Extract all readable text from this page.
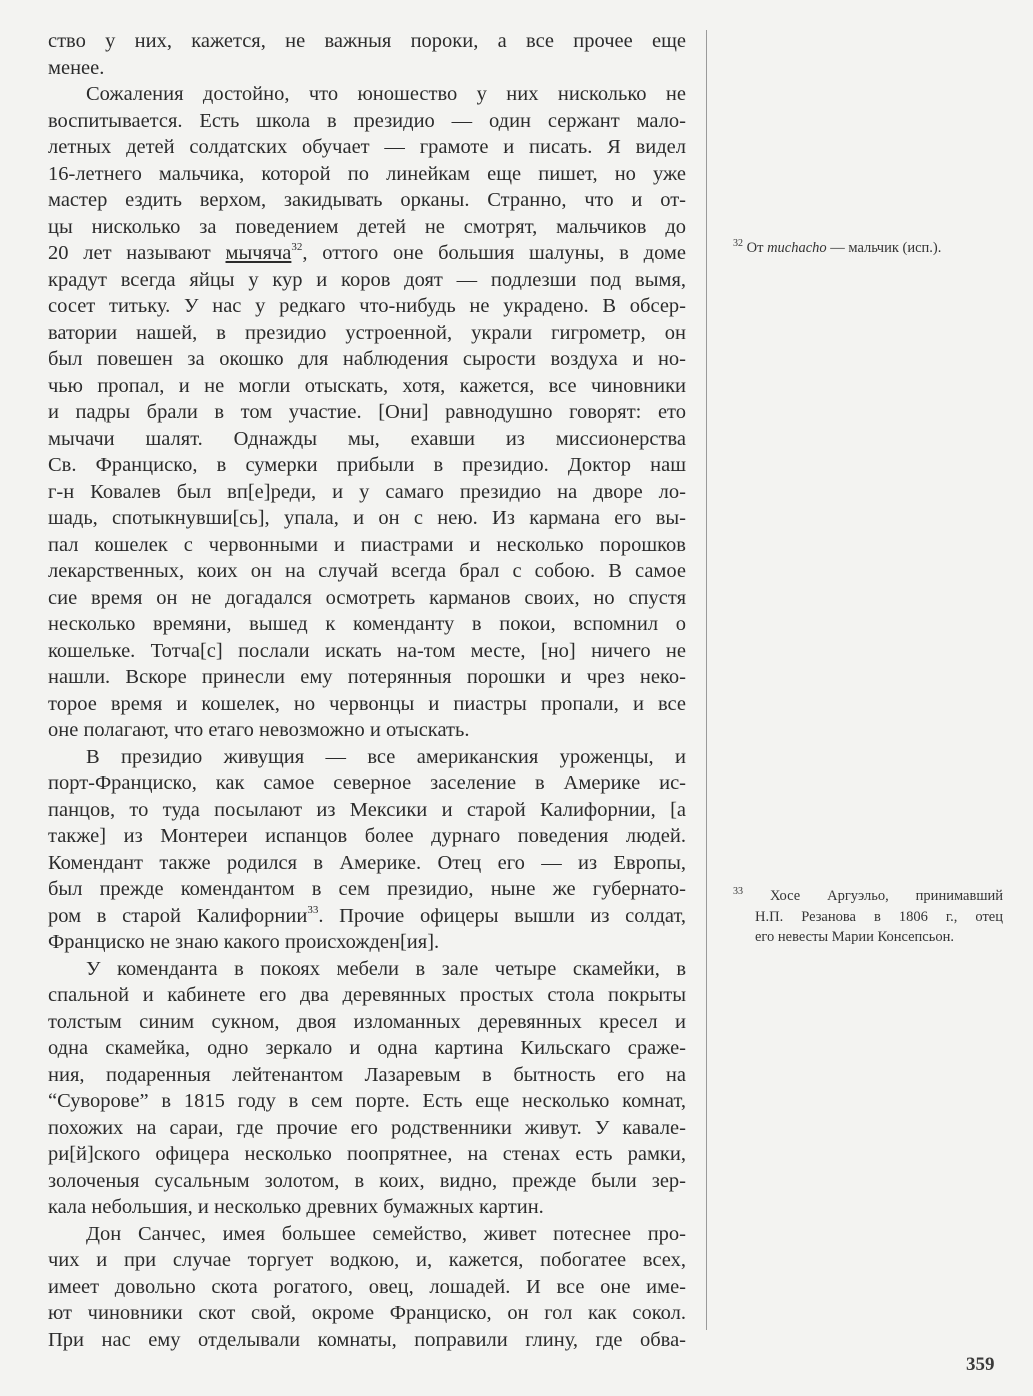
ство у них, кажется, не важныя пороки, а все прочее еще
менее.
Сожаления достойно, что юношество у них нисколько не
воспитывается. Есть школа в президио — один сержант мало-
летных детей солдатских обучает — грамоте и писать. Я видел
16-летнего мальчика, которой по линейкам еще пишет, но уже
мастер ездить верхом, закидывать орканы. Странно, что и от-
цы нисколько за поведением детей не смотрят, мальчиков до
20 лет называют мычяча$^{32}$, оттого оне большия шалуны, в доме
крадут всегда яйцы у кур и коров доят — подлезши под вымя,
сосет титьку. У нас у редкаго что-нибудь не украдено. В обсер-
ватории нашей, в президио устроенной, украли гигрометр, он
был повешен за окошко для наблюдения сырости воздуха и но-
чью пропал, и не могли отыскать, хотя, кажется, все чиновники
и падры брали в том участие. [Они] равнодушно говорят: ето
мычачи шалят. Однажды мы, ехавши из миссионерства
Св. Франциско, в сумерки прибыли в президио. Доктор наш
г-н Ковалев был вп[е]реди, и у самаго президио на дворе ло-
шадь, спотыкнувши[сь], упала, и он с нею. Из кармана его вы-
пал кошелек с червонными и пиастрами и несколько порошков
лекарственных, коих он на случай всегда брал с собою. В самое
сие время он не догадался осмотреть карманов своих, но спустя
несколько времяни, вышед к коменданту в покои, вспомнил о
кошельке. Тотча[с] послали искать на-том месте, [но] ничего не
нашли. Вскоре принесли ему потерянныя порошки и чрез неко-
торое время и кошелек, но червонцы и пиастры пропали, и все
оне полагают, что етаго невозможно и отыскать.
В президио живущия — все американския уроженцы, и
порт-Франциско, как самое северное заселение в Америке ис-
панцов, то туда посылают из Мексики и старой Калифорнии, [а
также] из Монтереи испанцов более дурнаго поведения людей.
Комендант также родился в Америке. Отец его — из Европы,
был прежде комендантом в сем президио, ныне же губернато-
ром в старой Калифорнии$^{33}$. Прочие офицеры вышли из солдат,
Франциско не знаю какого происхожден[ия].
У коменданта в покоях мебели в зале четыре скамейки, в
спальной и кабинете его два деревянных простых стола покрыты
толстым синим сукном, двоя изломанных деревянных кресел и
одна скамейка, одно зеркало и одна картина Кильскаго сраже-
ния, подаренныя лейтенантом Лазаревым в бытность его на
“Суворове” в 1815 году в сем порте. Есть еще несколько комнат,
похожих на сараи, где прочие его родственники живут. У кавале-
ри[й]ского офицера несколько поопрятнее, на стенах есть рамки,
золоченыя сусальным золотом, в коих, видно, прежде были зер-
кала небольшия, и несколько древних бумажных картин.
Дон Санчес, имея большее семейство, живет потеснее про-
чих и при случае торгует водкою, и, кажется, побогатее всех,
имеет довольно скота рогатого, овец, лошадей. И все оне име-
ют чиновники скот свой, окроме Франциско, он гол как сокол.
При нас ему отделывали комнаты, поправили глину, где обва-
$^{32}$ От muchacho — мальчик (исп.).
$^{33}$ Хосе Аргуэльо, принимавший
Н.П. Резанова в 1806 г., отец
его невесты Марии Консепсьон.
359
